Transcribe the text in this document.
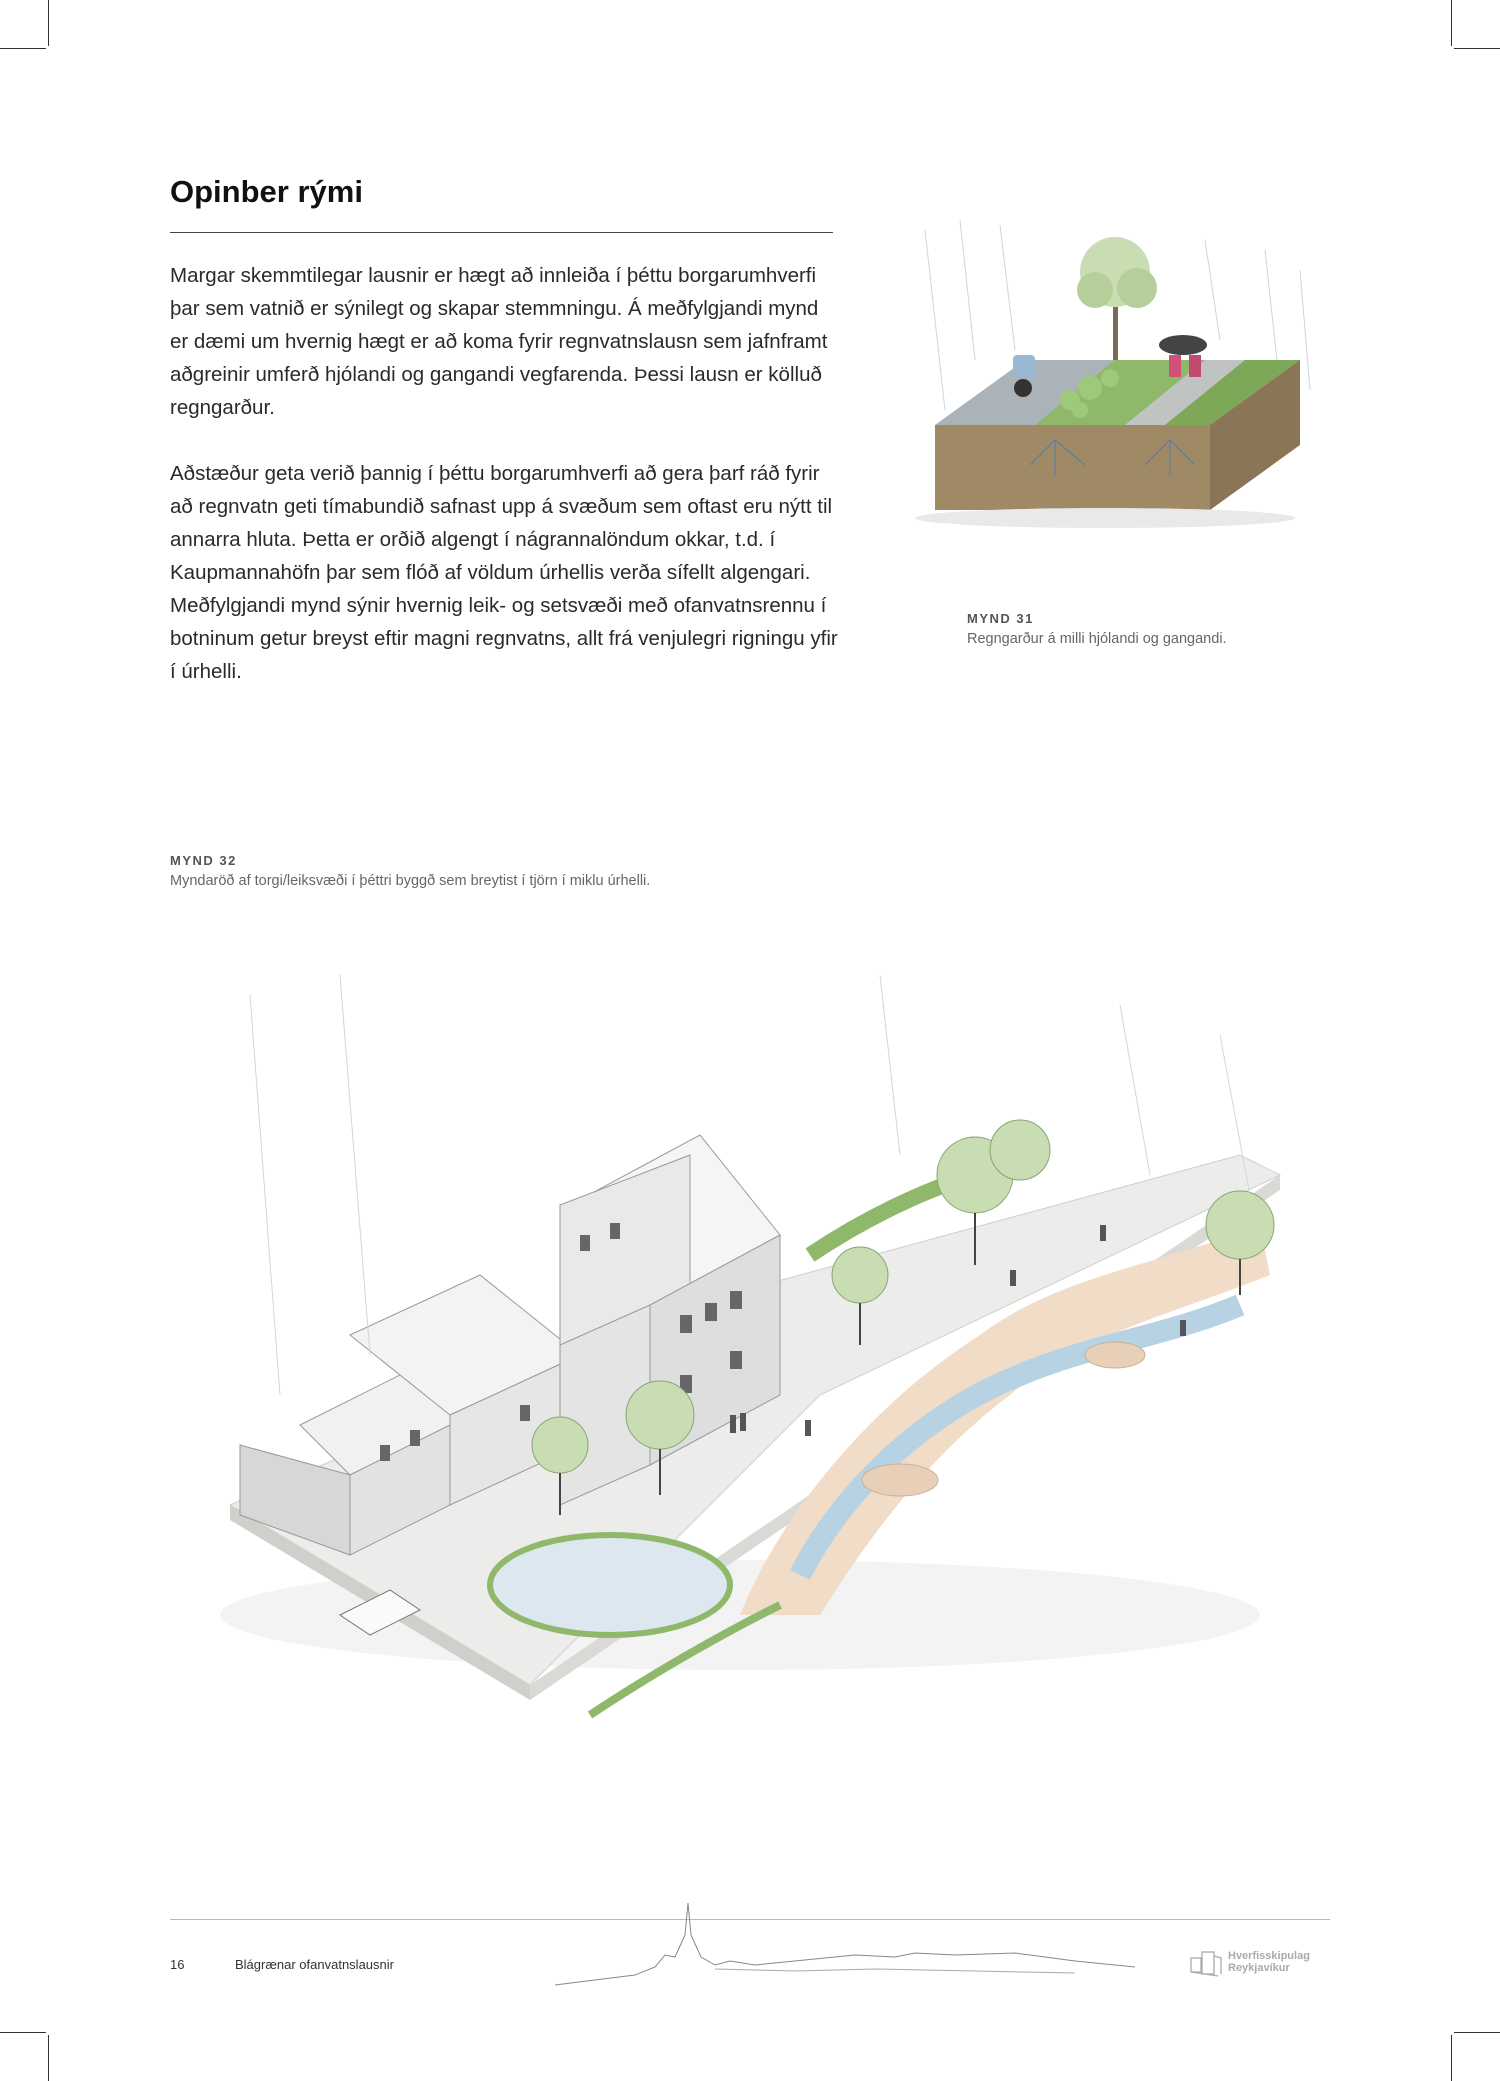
Opinber rými

Margar skemmtilegar lausnir er hægt að innleiða í þéttu borgarumhverfi þar sem vatnið er sýnilegt og skapar stemmningu. Á meðfylgjandi mynd er dæmi um hvernig hægt er að koma fyrir regnvatnslausn sem jafnframt aðgreinir umferð hjólandi og gangandi vegfarenda. Þessi lausn er kölluð regngarður.

Aðstæður geta verið þannig í þéttu borgarumhverfi að gera þarf ráð fyrir að regnvatn geti tímabundið safnast upp á svæðum sem oftast eru nýtt til annarra hluta. Þetta er orðið algengt í nágrannalöndum okkar, t.d. í Kaupmannahöfn þar sem flóð af völdum úrhellis verða sífellt algengari. Meðfylgjandi mynd sýnir hvernig leik- og setsvæði með ofanvatnsrennu í botninum getur breyst eftir magni regnvatns, allt frá venjulegri rigningu yfir í úrhelli.

MYND 31
Regngarður á milli hjólandi og gangandi.
MYND 32
Myndaröð af torgi/leiksvæði í þéttri byggð sem breytist í tjörn í miklu úrhelli.
16	Blágrænar ofanvatnslausnir
Hverfisskipulag
Reykjavíkur
